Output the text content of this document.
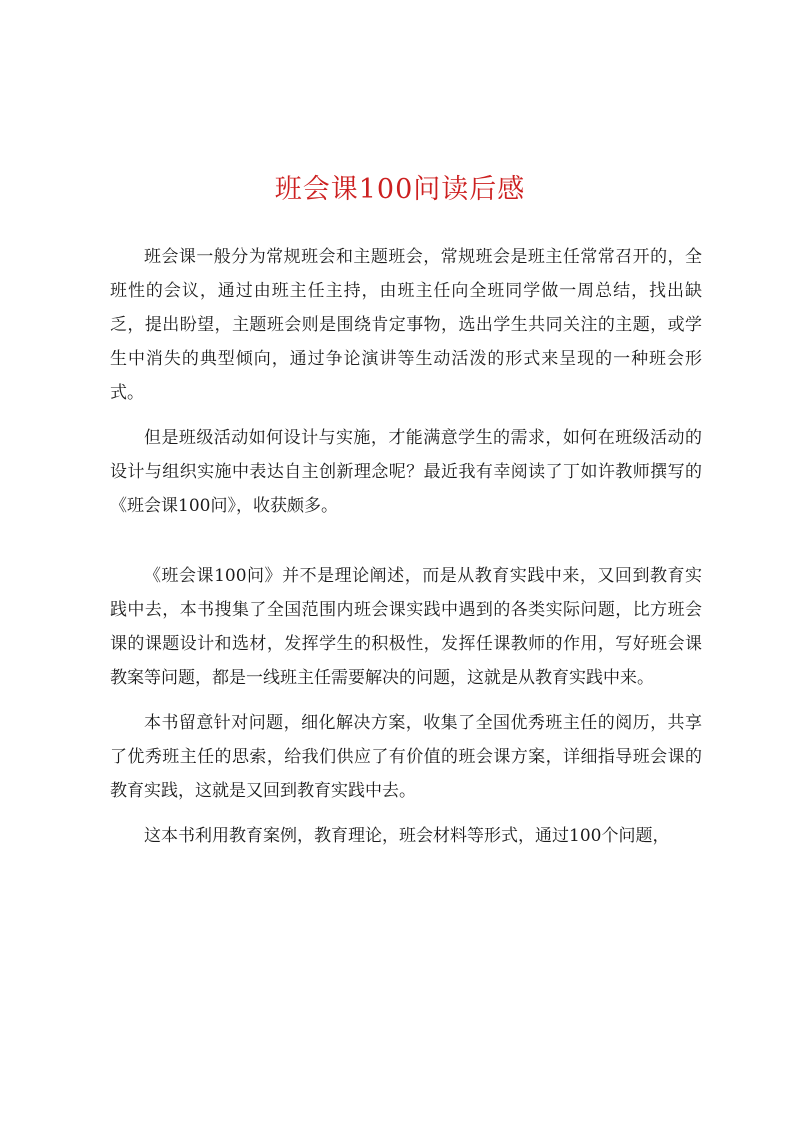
班会课100问读后感

班会课一般分为常规班会和主题班会，常规班会是班主任常常召开的，全班性的会议，通过由班主任主持，由班主任向全班同学做一周总结，找出缺乏，提出盼望，主题班会则是围绕肯定事物，选出学生共同关注的主题，或学生中消失的典型倾向，通过争论演讲等生动活泼的形式来呈现的一种班会形式。

但是班级活动如何设计与实施，才能满意学生的需求，如何在班级活动的设计与组织实施中表达自主创新理念呢？最近我有幸阅读了丁如许教师撰写的《班会课100问》，收获颇多。

《班会课100问》并不是理论阐述，而是从教育实践中来，又回到教育实践中去，本书搜集了全国范围内班会课实践中遇到的各类实际问题，比方班会课的课题设计和选材，发挥学生的积极性，发挥任课教师的作用，写好班会课教案等问题，都是一线班主任需要解决的问题，这就是从教育实践中来。

本书留意针对问题，细化解决方案，收集了全国优秀班主任的阅历，共享了优秀班主任的思索，给我们供应了有价值的班会课方案，详细指导班会课的教育实践，这就是又回到教育实践中去。

这本书利用教育案例，教育理论，班会材料等形式，通过100个问题，
